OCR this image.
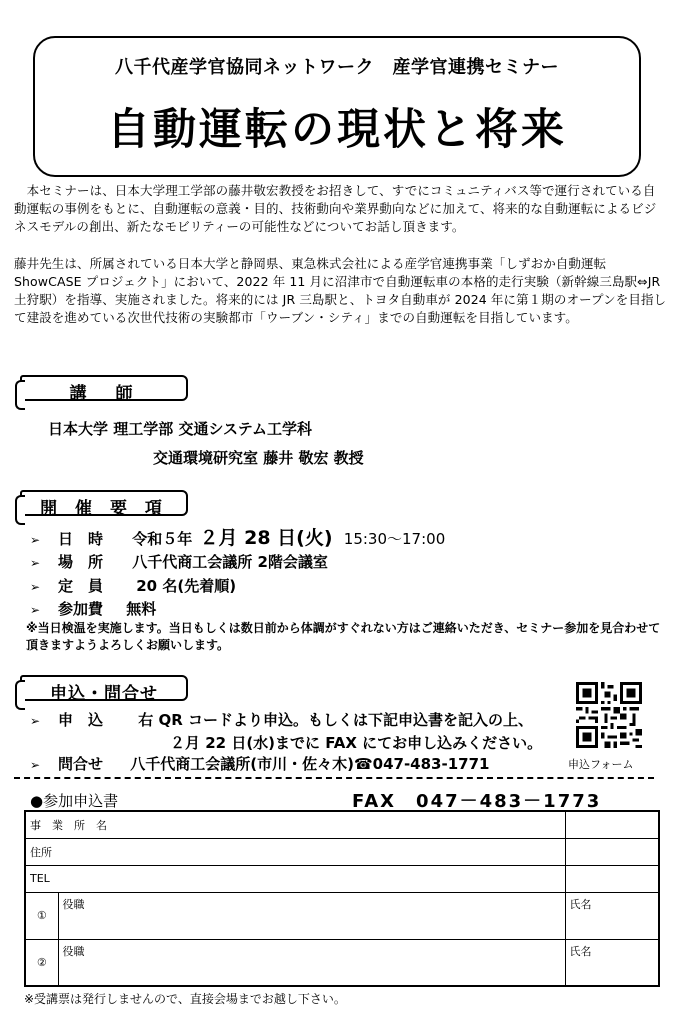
八千代産学官協同ネットワーク　産学官連携セミナー
自動運転の現状と将来
　本セミナーは、日本大学理工学部の藤井敬宏教授をお招きして、すでにコミュニティバス等で運行されている自動運転の事例をもとに、自動運転の意義・目的、技術動向や業界動向などに加えて、将来的な自動運転によるビジネスモデルの創出、新たなモビリティーの可能性などについてお話し頂きます。
藤井先生は、所属されている日本大学と静岡県、東急株式会社による産学官連携事業「しずおか自動運転ShowCASE プロジェクト」において、2022 年 11 月に沼津市で自動運転車の本格的走行実験（新幹線三島駅⇔JR 土狩駅）を指導、実施されました。将来的には JR 三島駅と、トヨタ自動車が 2024 年に第１期のオープンを目指して建設を進めている次世代技術の実験都市「ウーブン・シティ」までの自動運転を目指しています。
講　師
日本大学 理工学部 交通システム工学科
交通環境研究室 藤井 敬宏 教授
開 催 要 項
➢ 日　時 令和５年 ２月 28 日(火) 15:30～17:00
➢ 場　所 八千代商工会議所 2階会議室
➢ 定　員 20 名(先着順)
➢ 参加費 無料
※当日検温を実施します。当日もしくは数日前から体調がすぐれない方はご連絡いただき、セミナー参加を見合わせて頂きますようよろしくお願いします。
申込・問合せ
➢ 申　込 右 QR コードより申込。もしくは下記申込書を記入の上、
２月 22 日(水)までに FAX にてお申し込みください。
➢ 問合せ 八千代商工会議所(市川・佐々木)☎047-483-1771	申込フォーム
●参加申込書	FAX　047－483－1773
事　業　所　名		
住所		
TEL		
①	役職	氏名
②	役職	氏名
※受講票は発行しませんので、直接会場までお越し下さい。
